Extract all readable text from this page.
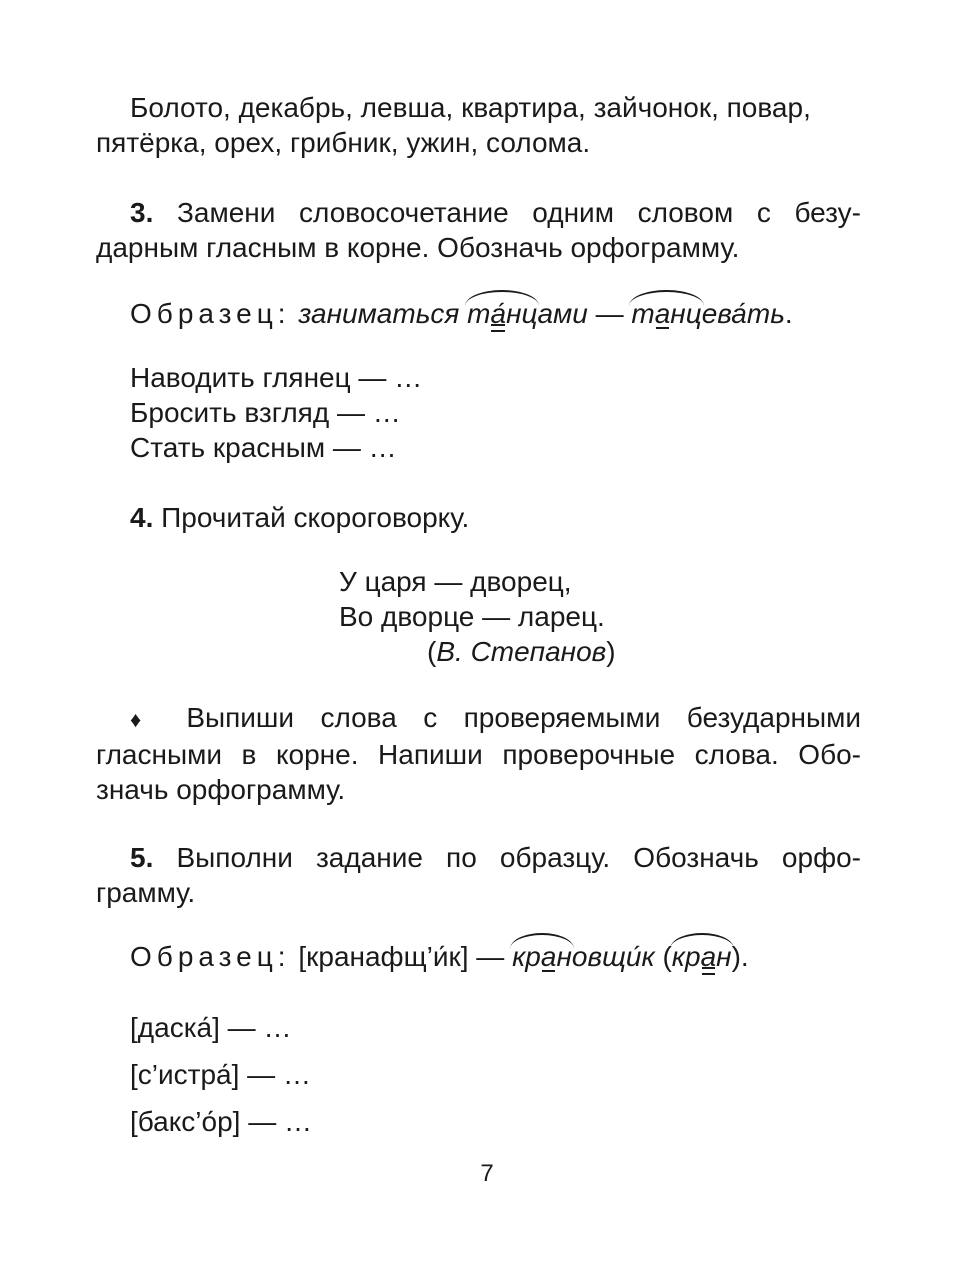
Болото, декабрь, левша, квартира, зайчонок, повар,
пятёрка, орех, грибник, ужин, солома.
3. Замени словосочетание одним словом с безу-
дарным гласным в корне. Обозначь орфограмму.
Образец: заниматься та́нцами — танцева́ть.
Наводить глянец — …
Бросить взгляд — …
Стать красным — …
4. Прочитай скороговорку.
У царя — дворец,
Во дворце — ларец.
(В. Степанов)
♦ Выпиши слова с проверяемыми безударными
гласными в корне. Напиши проверочные слова. Обо-
значь орфограмму.
5. Выполни задание по образцу. Обозначь орфо-
грамму.
Образец: [кранафщ’и́к] — крановщи́к (кран).
[даска́] — …
[с’истра́] — …
[бакс’о́р] — …
7
